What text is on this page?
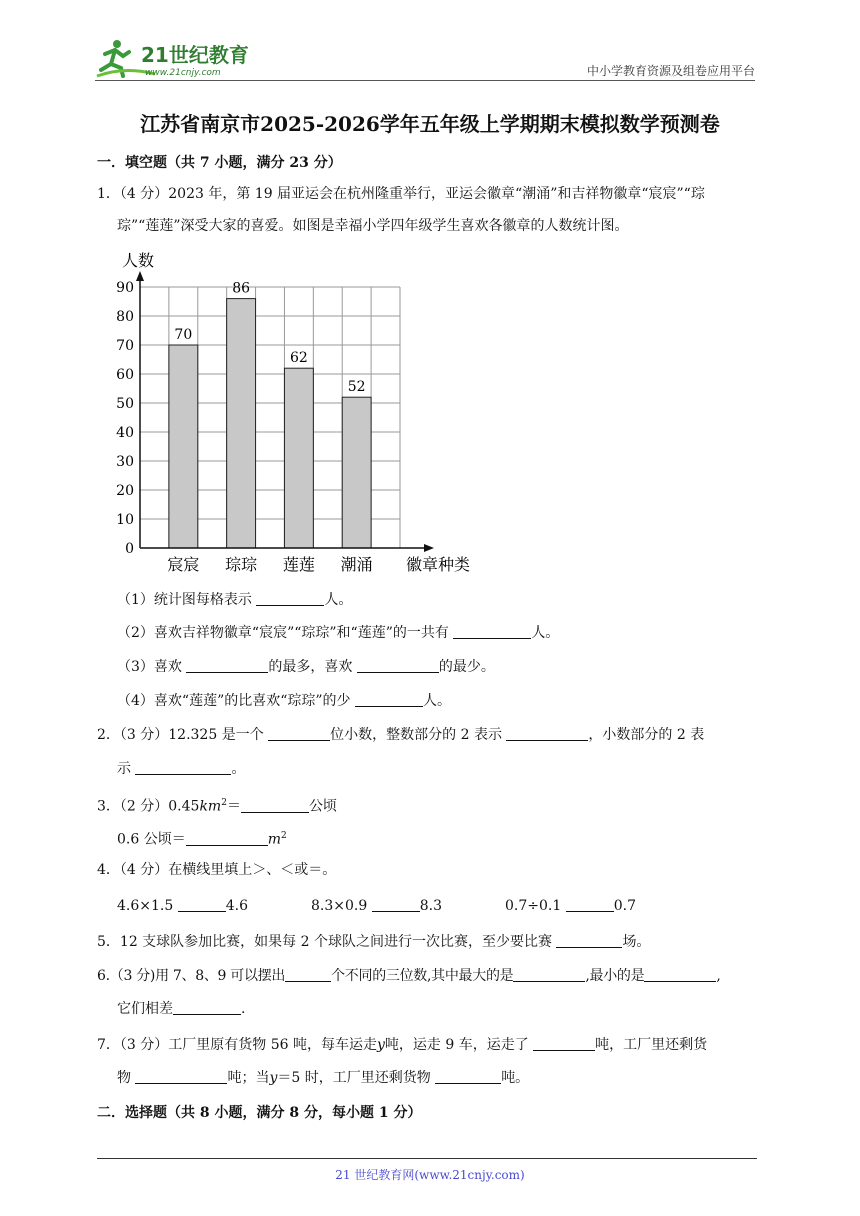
21世纪教育
www.21cnjy.com	中小学教育资源及组卷应用平台
江苏省南京市2025-2026学年五年级上学期期末模拟数学预测卷
一．填空题（共 7 小题，满分 23 分）
1．（4 分）2023 年，第 19 届亚运会在杭州隆重举行，亚运会徽章“潮涌”和吉祥物徽章“宸宸”“琮
琮”“莲莲”深受大家的喜爱。如图是幸福小学四年级学生喜欢各徽章的人数统计图。
70
86
62
52
0
10
20
30
40
50
60
70
80
90
宸宸 琮琮 莲莲 潮涌
人数
徽章种类
（1）统计图每格表示	人。
（2）喜欢吉祥物徽章“宸宸”“琮琮”和“莲莲”的一共有	人。
（3）喜欢	的最多，喜欢	的最少。
（4）喜欢“莲莲”的比喜欢“琮琮”的少	人。
2．（3 分）12.325 是一个	位小数，整数部分的 2 表示	，小数部分的 2 表
示	。
3．（2 分）$0.45km^2=$	公顷
0.6 公顷＝	$m^2$
4．（4 分）在横线里填上＞、＜或＝。
4.6×1.5	4.6	8.3×0.9	8.3	0.7÷0.1	0.7
5．12 支球队参加比赛，如果每 2 个球队之间进行一次比赛，至少要比赛	场。
6.（3 分)用 7、8、9 可以摆出	个不同的三位数,其中最大的是	,最小的是	,
它们相差	.
7．（3 分）工厂里原有货物 56 吨，每车运走y吨，运走 9 车，运走了	吨，工厂里还剩货
物	吨；当y＝5 时，工厂里还剩货物	吨。
二．选择题（共 8 小题，满分 8 分，每小题 1 分）
21 世纪教育网(www.21cnjy.com)
